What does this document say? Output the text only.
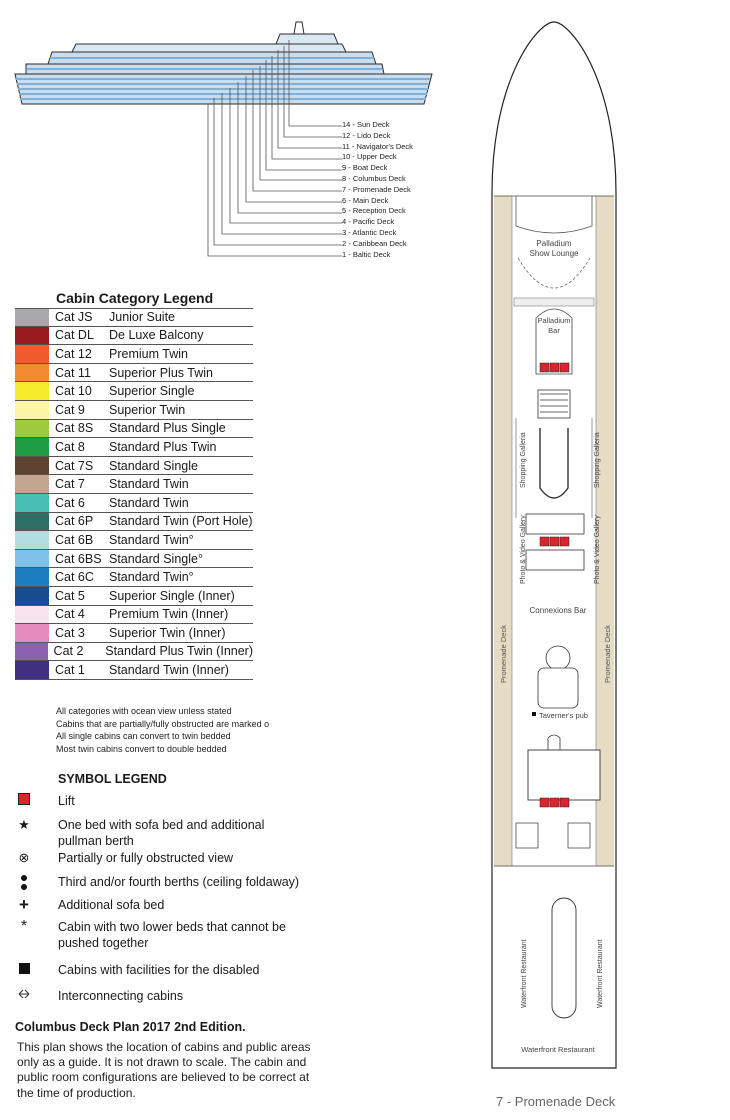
14 - Sun Deck
12 - Lido Deck
11 - Navigator's Deck
10 - Upper Deck
9 - Boat Deck
8 - Columbus Deck
7 - Promenade Deck
6 - Main Deck
5 - Reception Deck
4 - Pacific Deck
3 - Atlantic Deck
2 - Caribbean Deck
1 - Baltic Deck
Cabin Category Legend
Cat JS	Junior Suite
Cat DL	De Luxe Balcony
Cat 12	Premium Twin
Cat 11	Superior Plus Twin
Cat 10	Superior Single
Cat 9	Superior Twin
Cat 8S	Standard Plus Single
Cat 8	Standard Plus Twin
Cat 7S	Standard Single
Cat 7	Standard Twin
Cat 6	Standard Twin
Cat 6P	Standard Twin (Port Hole)
Cat 6B	Standard Twin°
Cat 6BS Standard Single°
Cat 6C	Standard Twin°
Cat 5	Superior Single (Inner)
Cat 4	Premium Twin (Inner)
Cat 3	Superior Twin (Inner)
Cat 2	Standard Plus Twin (Inner)
Cat 1	Standard Twin (Inner)
All categories with ocean view unless stated
Cabins that are partially/fully obstructed are marked o
All single cabins can convert to twin bedded
Most twin cabins convert to double bedded
SYMBOL LEGEND
Lift
★	One bed with sofa bed and additional pullman berth
⊗	Partially or fully obstructed view
Third and/or fourth berths (ceiling foldaway)
+	Additional sofa bed
*	Cabin with two lower beds that cannot be pushed together
Cabins with facilities for the disabled
Interconnecting cabins
Columbus Deck Plan 2017 2nd Edition.
This plan shows the location of cabins and public areas only as a guide. It is not drawn to scale. The cabin and public room configurations are believed to be correct at the time of production.
Palladium
Show Lounge
Palladium
Bar
Shopping Galleria	Shopping Galleria
Photo & Video Gallery	Photo & Video Gallery
Connexions Bar
Promenade Deck	Promenade Deck
Taverner's pub
Waterfront Restaurant	Waterfront Restaurant
Waterfront Restaurant
7 - Promenade Deck
